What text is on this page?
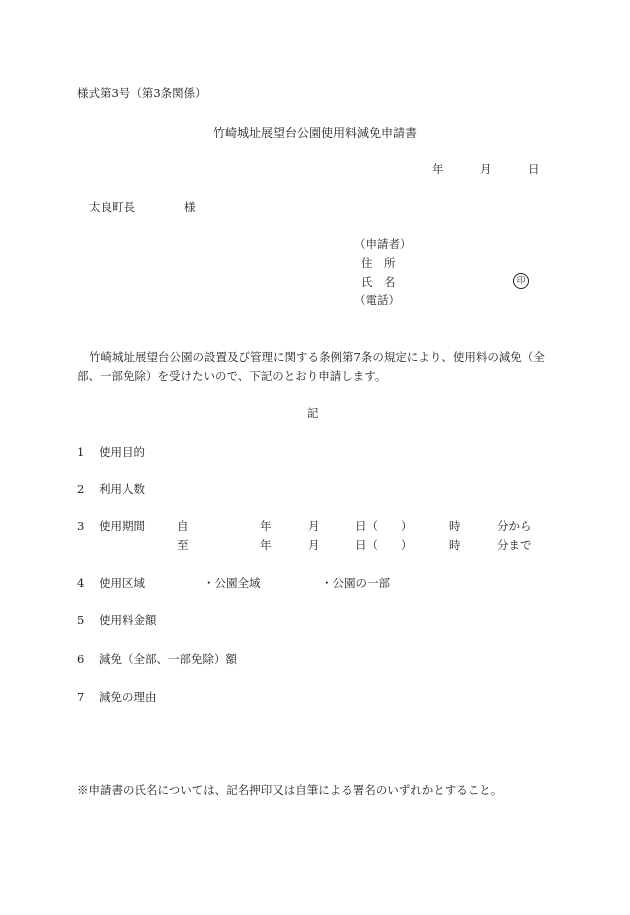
様式第3号（第3条関係）
竹崎城址展望台公園使用料減免申請書
年	月	日
太良町長	様
（申請者）
住　所
氏　名	印
（電話）
竹崎城址展望台公園の設置及び管理に関する条例第7条の規定により、使用料の減免（全
部、一部免除）を受けたいので、下記のとおり申請します。
記
1 使用目的
2 利用人数
3 使用期間	自	年	月	日（　　）	時	分から
至	年	月	日（　　）	時	分まで
4 使用区域	・公園全域	・公園の一部
5 使用料金額
6 減免（全部、一部免除）額
7 減免の理由
※申請書の氏名については、記名押印又は自筆による署名のいずれかとすること。
